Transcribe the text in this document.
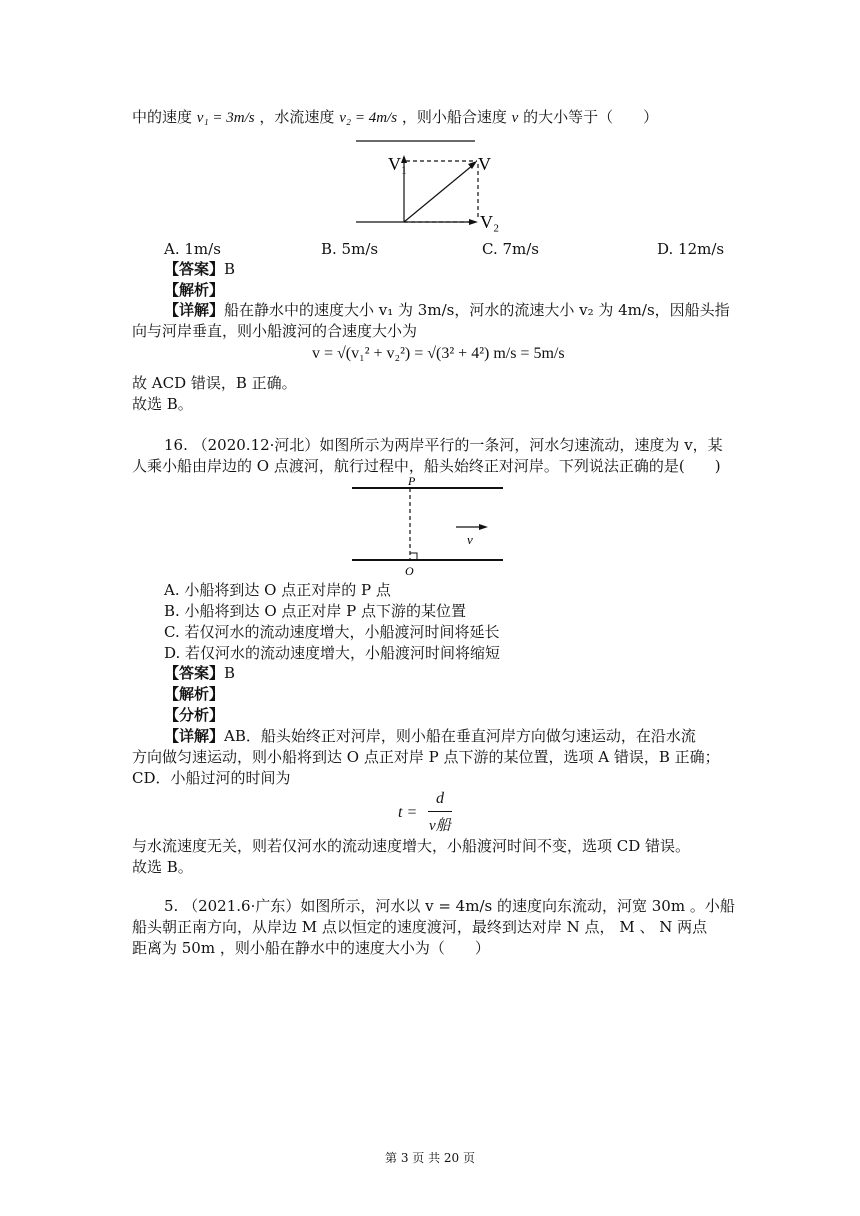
中的速度 v₁ = 3m/s ，水流速度 v₂ = 4m/s ，则小船合速度 v 的大小等于（　　）
V₁	V
V₂
A. 1m/s	B. 5m/s	C. 7m/s	D. 12m/s
【答案】B
【解析】
【详解】船在静水中的速度大小 v₁ 为 3m/s，河水的流速大小 v₂ 为 4m/s，因船头指
向与河岸垂直，则小船渡河的合速度大小为
v = √(v₁² + v₂²) = √(3² + 4²) m/s = 5m/s
故 ACD 错误，B 正确。
故选 B。
16. （2020.12·河北）如图所示为两岸平行的一条河，河水匀速流动，速度为 v，某
人乘小船由岸边的 O 点渡河，航行过程中，船头始终正对河岸。下列说法正确的是(　　)
P
O
v
A. 小船将到达 O 点正对岸的 P 点
B. 小船将到达 O 点正对岸 P 点下游的某位置
C. 若仅河水的流动速度增大，小船渡河时间将延长
D. 若仅河水的流动速度增大，小船渡河时间将缩短
【答案】B
【解析】
【分析】
【详解】AB．船头始终正对河岸，则小船在垂直河岸方向做匀速运动，在沿水流
方向做匀速运动，则小船将到达 O 点正对岸 P 点下游的某位置，选项 A 错误，B 正确；
CD．小船过河的时间为
t =
d
v船
与水流速度无关，则若仅河水的流动速度增大，小船渡河时间不变，选项 CD 错误。
故选 B。
5. （2021.6·广东）如图所示，河水以 v = 4m/s 的速度向东流动，河宽 30m 。小船
船头朝正南方向，从岸边 M 点以恒定的速度渡河，最终到达对岸 N 点， M 、 N 两点
距离为 50m ，则小船在静水中的速度大小为（　　）
第 3 页 共 20 页
